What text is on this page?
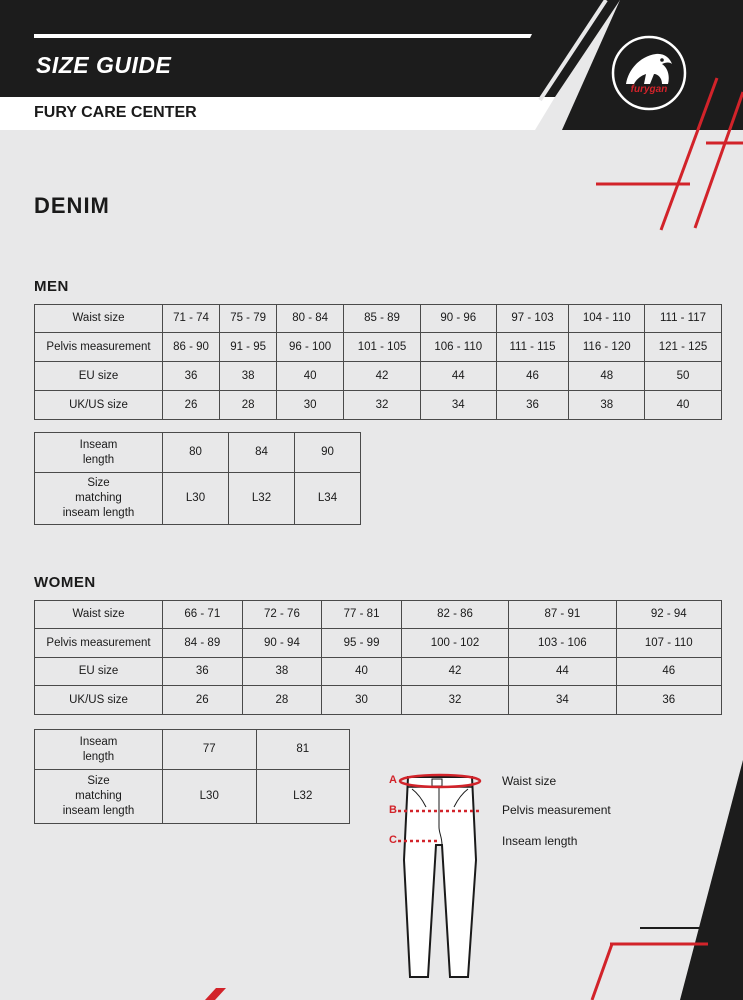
furygan
SIZE GUIDE
FURY CARE CENTER
DENIM
MEN
Waist size	71 - 74	75 - 79	80 - 84	85 - 89	90 - 96	97 - 103	104 - 110	111 - 117
Pelvis measurement	86 - 90	91 - 95	96 - 100	101 - 105	106 - 110	111 - 115	116 - 120	121 - 125
EU size	36	38	40	42	44	46	48	50
UK/US size	26	28	30	32	34	36	38	40
Inseam
length	80	84	90

Size
matching
inseam length	L30	L32	L34
WOMEN
Waist size	66 - 71	72 - 76	77 - 81	82 - 86	87 - 91	92 - 94
Pelvis measurement	84 - 89	90 - 94	95 - 99	100 - 102	103 - 106	107 - 110
EU size	36	38	40	42	44	46
UK/US size	26	28	30	32	34	36
Inseam
length	77	81

Size
matching
inseam length	L30	L32
A
B
C
Waist size
Pelvis measurement
Inseam length
